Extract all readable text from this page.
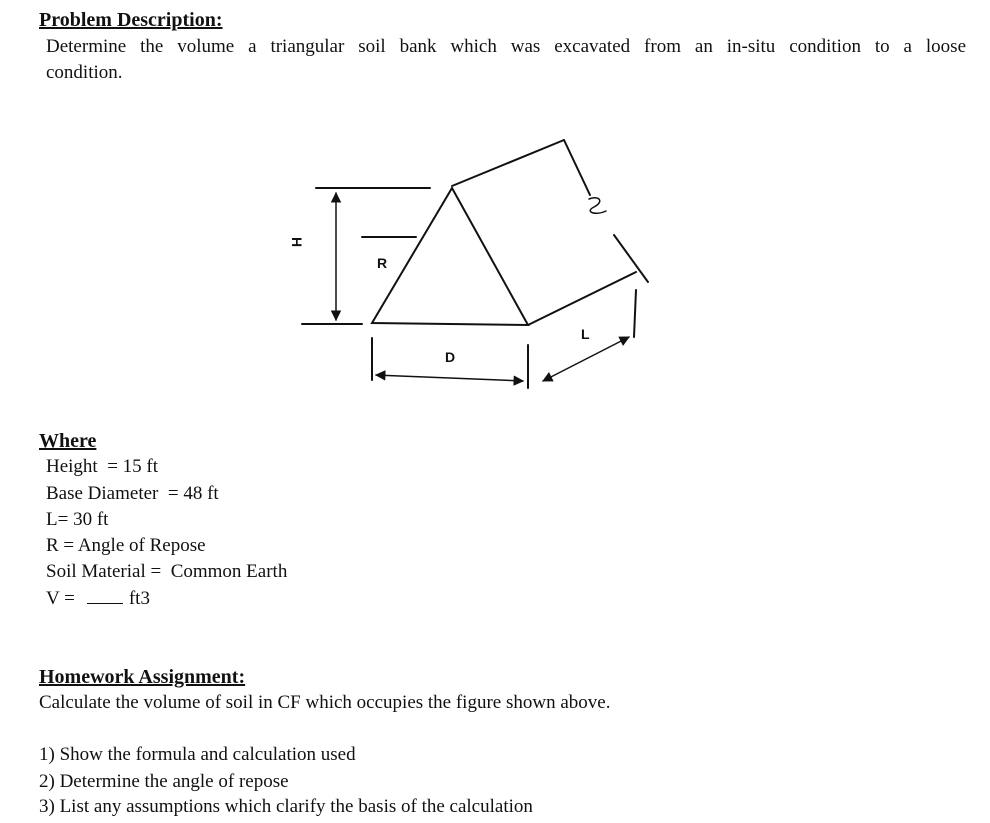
Problem Description:
Determine the volume a triangular soil bank which was excavated from an in-situ condition to a loose
condition.
H
R
D
L
Where
Height  = 15 ft
Base Diameter  = 48 ft
L= 30 ft
R = Angle of Repose
Soil Material =  Common Earth
V =	ft3
Homework Assignment:
Calculate the volume of soil in CF which occupies the figure shown above.
1) Show the formula and calculation used
2) Determine the angle of repose
3) List any assumptions which clarify the basis of the calculation
